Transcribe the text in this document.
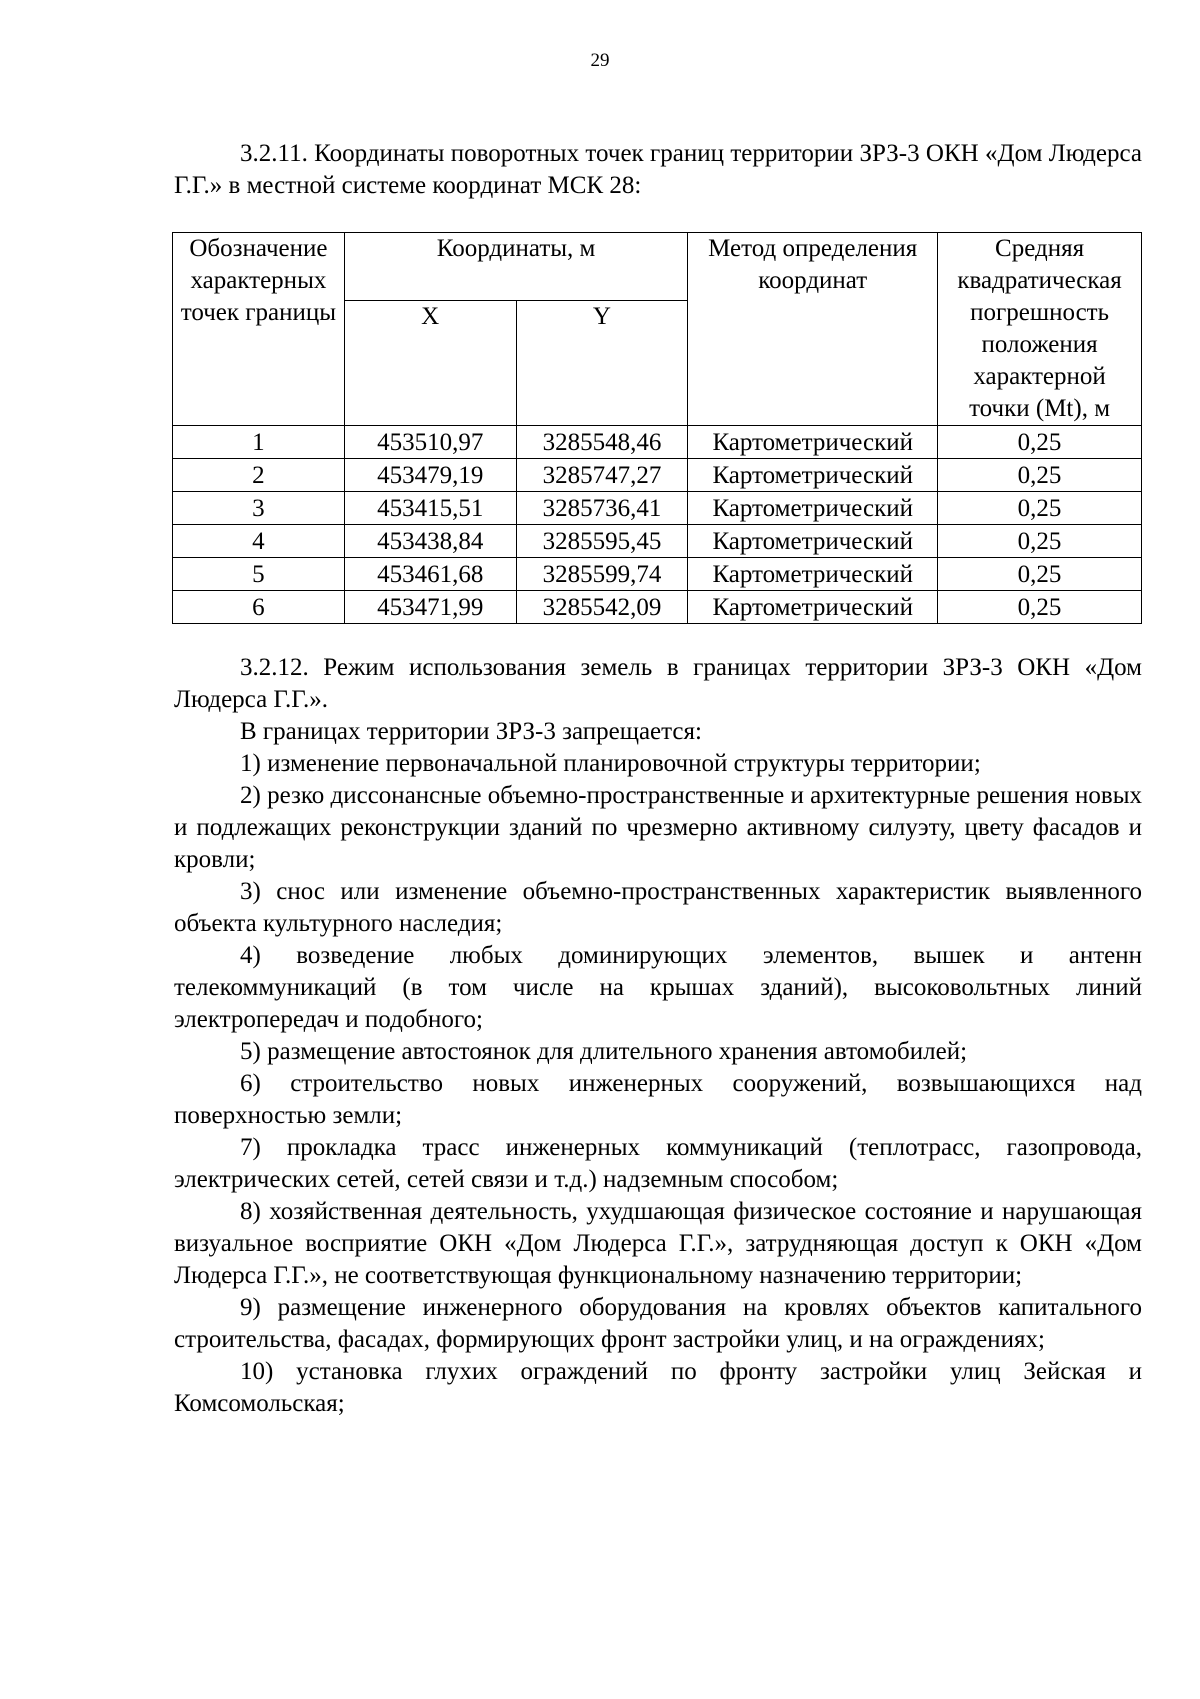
29

3.2.11. Координаты поворотных точек границ территории ЗРЗ-3 ОКН «Дом Людерса Г.Г.» в местной системе координат МСК 28:

Обозначение характерных точек границы	Координаты, м		Метод определения координат	Средняя квадратическая погрешность положения характерной точки (Mt), м
	X	Y		
1	453510,97	3285548,46	Картометрический	0,25
2	453479,19	3285747,27	Картометрический	0,25
3	453415,51	3285736,41	Картометрический	0,25
4	453438,84	3285595,45	Картометрический	0,25
5	453461,68	3285599,74	Картометрический	0,25
6	453471,99	3285542,09	Картометрический	0,25

3.2.12. Режим использования земель в границах территории ЗРЗ-3 ОКН «Дом Людерса Г.Г.».

В границах территории ЗРЗ-3 запрещается:

1) изменение первоначальной планировочной структуры территории;

2) резко диссонансные объемно-пространственные и архитектурные решения новых и подлежащих реконструкции зданий по чрезмерно активному силуэту, цвету фасадов и кровли;

3) снос или изменение объемно-пространственных характеристик выявленного объекта культурного наследия;

4) возведение любых доминирующих элементов, вышек и антенн телекоммуникаций (в том числе на крышах зданий), высоковольтных линий электропередач и подобного;

5) размещение автостоянок для длительного хранения автомобилей;

6) строительство новых инженерных сооружений, возвышающихся над поверхностью земли;

7) прокладка трасс инженерных коммуникаций (теплотрасс, газопровода, электрических сетей, сетей связи и т.д.) надземным способом;

8) хозяйственная деятельность, ухудшающая физическое состояние и нарушающая визуальное восприятие ОКН «Дом Людерса Г.Г.», затрудняющая доступ к ОКН «Дом Людерса Г.Г.», не соответствующая функциональному назначению территории;

9) размещение инженерного оборудования на кровлях объектов капитального строительства, фасадах, формирующих фронт застройки улиц, и на ограждениях;

10) установка глухих ограждений по фронту застройки улиц Зейская и Комсомольская;
